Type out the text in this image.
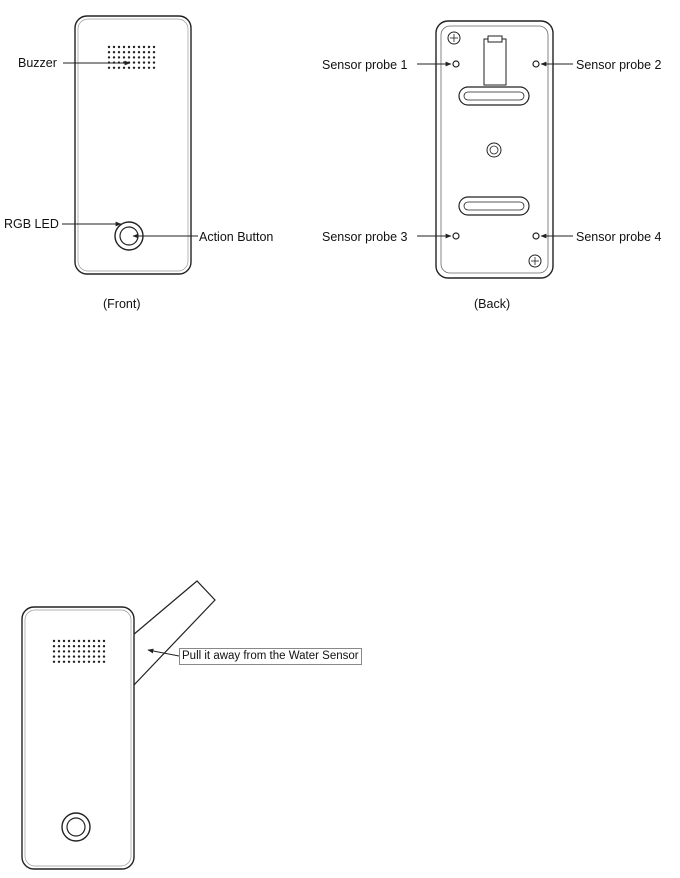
Buzzer
RGB LED
Action Button
(Front)
Sensor probe 1	Sensor probe 2
Sensor probe 3	Sensor probe 4
(Back)
Pull it away from the Water Sensor
